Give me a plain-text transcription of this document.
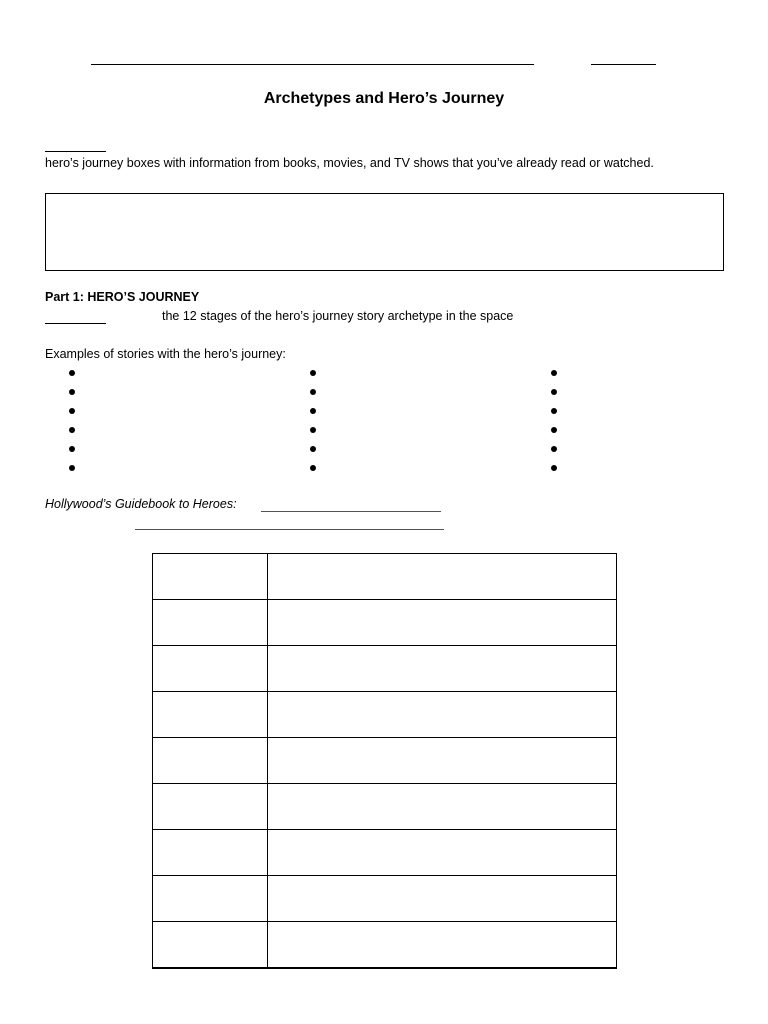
Archetypes and Hero’s Journey
hero’s journey boxes with information from books, movies, and TV shows that you’ve already read or watched.
Part 1: HERO’S JOURNEY
the 12 stages of the hero’s journey story archetype in the space
Examples of stories with the hero’s journey:
Hollywood’s Guidebook to Heroes:
